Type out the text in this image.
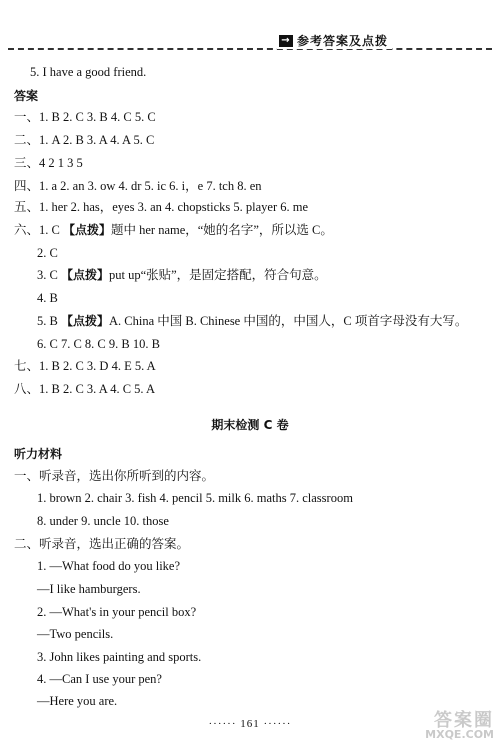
→ 参考答案及点拨
5. I have a good friend.
答案
一、1. B 2. C 3. B 4. C 5. C
二、1. A 2. B 3. A 4. A 5. C
三、4 2 1 3 5
四、1. a 2. an 3. ow 4. dr 5. ic 6. i，e 7. tch 8. en
五、1. her 2. has，eyes 3. an 4. chopsticks 5. player 6. me
六、1. C 【点拨】题中 her name，“她的名字”，所以选 C。
2. C
3. C 【点拨】put up“张贴”，是固定搭配，符合句意。
4. B
5. B 【点拨】A. China 中国 B. Chinese 中国的，中国人，C 项首字母没有大写。
6. C 7. C 8. C 9. B 10. B
七、1. B 2. C 3. D 4. E 5. A
八、1. B 2. C 3. A 4. C 5. A
期末检测 C 卷
听力材料
一、听录音，选出你所听到的内容。
1. brown 2. chair 3. fish 4. pencil 5. milk 6. maths 7. classroom
8. under 9. uncle 10. those
二、听录音，选出正确的答案。
1. —What food do you like?
—I like hamburgers.
2. —What's in your pencil box?
—Two pencils.
3. John likes painting and sports.
4. —Can I use your pen?
—Here you are.
······ 161 ······	答案圈
MXQE.COM
